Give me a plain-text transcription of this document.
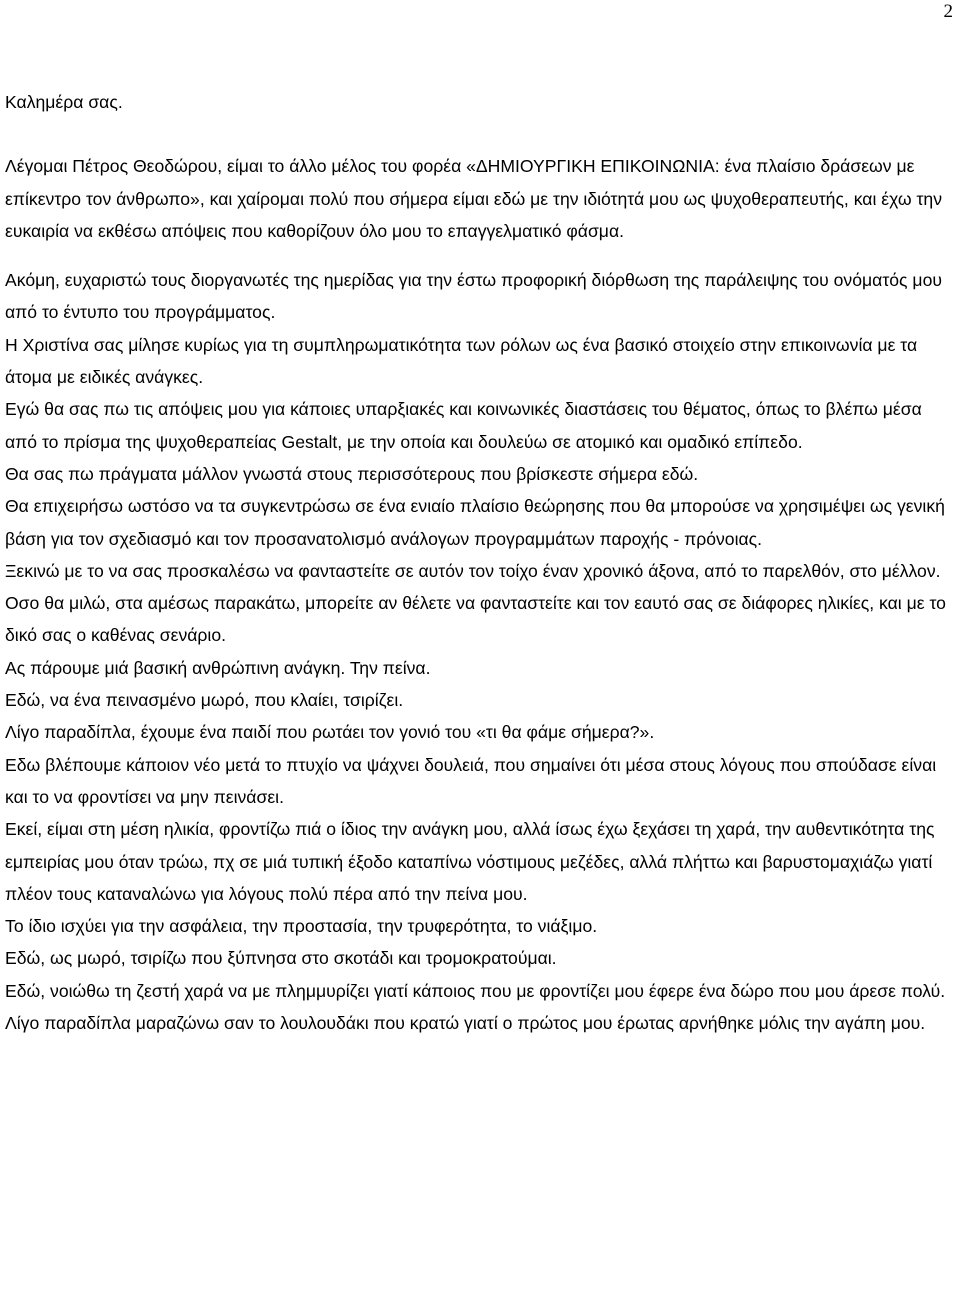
2

Καλημέρα σας.

Λέγομαι Πέτρος Θεοδώρου, είμαι το άλλο μέλος του φορέα «ΔΗΜΙΟΥΡΓΙΚΗ ΕΠΙΚΟΙΝΩΝΙΑ: ένα πλαίσιο δράσεων με επίκεντρο τον άνθρωπο», και χαίρομαι πολύ που σήμερα είμαι εδώ με την ιδιότητά μου ως ψυχοθεραπευτής, και έχω την ευκαιρία να εκθέσω απόψεις που καθορίζουν όλο μου το επαγγελματικό φάσμα.

Ακόμη, ευχαριστώ τους διοργανωτές της ημερίδας για την έστω προφορική διόρθωση της παράλειψης του ονόματός μου από το έντυπο του προγράμματος.

Η Χριστίνα σας μίλησε κυρίως για τη συμπληρωματικότητα των ρόλων ως ένα βασικό στοιχείο στην επικοινωνία με τα άτομα με ειδικές ανάγκες.

Εγώ θα σας πω τις απόψεις μου για κάποιες υπαρξιακές και κοινωνικές διαστάσεις του θέματος, όπως το βλέπω μέσα από το πρίσμα της ψυχοθεραπείας Gestalt, με την οποία και δουλεύω σε ατομικό και ομαδικό επίπεδο.

Θα σας πω πράγματα μάλλον γνωστά στους περισσότερους που βρίσκεστε σήμερα εδώ.

Θα επιχειρήσω ωστόσο να τα συγκεντρώσω σε ένα ενιαίο πλαίσιο θεώρησης που θα μπορούσε να χρησιμέψει ως γενική βάση για τον σχεδιασμό και τον προσανατολισμό ανάλογων προγραμμάτων παροχής - πρόνοιας.

Ξεκινώ με το να σας προσκαλέσω να φανταστείτε σε αυτόν τον τοίχο έναν χρονικό άξονα, από το παρελθόν, στο μέλλον.

Οσο θα μιλώ, στα αμέσως παρακάτω, μπορείτε αν θέλετε να φανταστείτε και τον εαυτό σας σε διάφορες ηλικίες, και με το δικό σας ο καθένας σενάριο.

Ας πάρουμε μιά βασική ανθρώπινη ανάγκη. Την πείνα.

Εδώ, να ένα πεινασμένο μωρό, που κλαίει, τσιρίζει.

Λίγο παραδίπλα, έχουμε ένα παιδί που ρωτάει τον γονιό του «τι θα φάμε σήμερα?».

Εδω βλέπουμε κάποιον νέο μετά το πτυχίο να ψάχνει δουλειά, που σημαίνει ότι μέσα στους λόγους που σπούδασε είναι και το να φροντίσει να μην πεινάσει.

Εκεί, είμαι στη μέση ηλικία, φροντίζω πιά ο ίδιος την ανάγκη μου, αλλά ίσως έχω ξεχάσει τη χαρά, την αυθεντικότητα της εμπειρίας μου όταν τρώω, πχ σε μιά τυπική έξοδο καταπίνω νόστιμους μεζέδες, αλλά πλήττω και βαρυστομαχιάζω γιατί πλέον τους καταναλώνω για λόγους πολύ πέρα από την πείνα μου.

Το ίδιο ισχύει για την ασφάλεια, την προστασία, την τρυφερότητα, το νιάξιμο.

Εδώ, ως μωρό, τσιρίζω που ξύπνησα στο σκοτάδι και τρομοκρατούμαι.

Εδώ, νοιώθω τη ζεστή χαρά να με πλημμυρίζει γιατί κάποιος που με φροντίζει μου έφερε ένα δώρο που μου άρεσε πολύ.

Λίγο παραδίπλα μαραζώνω σαν το λουλουδάκι που κρατώ γιατί ο πρώτος μου έρωτας αρνήθηκε μόλις την αγάπη μου.
